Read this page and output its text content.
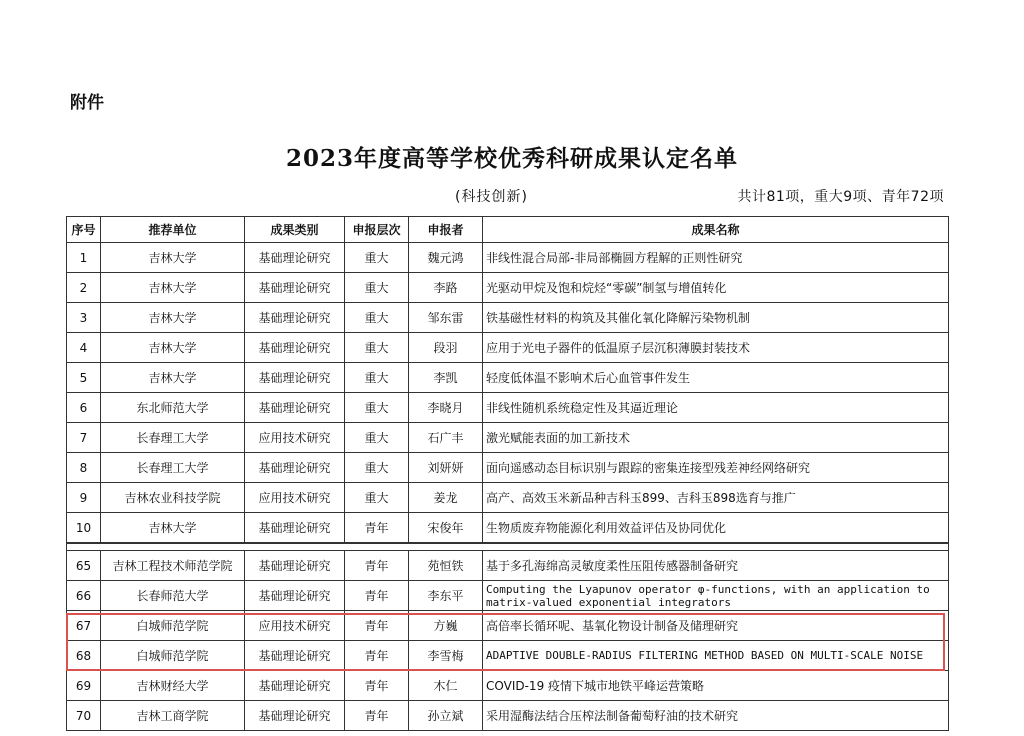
附件
2023年度高等学校优秀科研成果认定名单
(科技创新)	共计81项，重大9项、青年72项
序号	推荐单位	成果类别	申报层次	申报者	成果名称
1	吉林大学	基础理论研究	重大	魏元鸿	非线性混合局部-非局部椭圆方程解的正则性研究
2	吉林大学	基础理论研究	重大	李路	光驱动甲烷及饱和烷烃“零碳”制氢与增值转化
3	吉林大学	基础理论研究	重大	邹东雷	铁基磁性材料的构筑及其催化氧化降解污染物机制
4	吉林大学	基础理论研究	重大	段羽	应用于光电子器件的低温原子层沉积薄膜封装技术
5	吉林大学	基础理论研究	重大	李凯	轻度低体温不影响术后心血管事件发生
6	东北师范大学	基础理论研究	重大	李晓月	非线性随机系统稳定性及其逼近理论
7	长春理工大学	应用技术研究	重大	石广丰	激光赋能表面的加工新技术
8	长春理工大学	基础理论研究	重大	刘妍妍	面向遥感动态目标识别与跟踪的密集连接型残差神经网络研究
9	吉林农业科技学院	应用技术研究	重大	姜龙	高产、高效玉米新品种吉科玉899、吉科玉898选育与推广
10	吉林大学	基础理论研究	青年	宋俊年	生物质废弃物能源化利用效益评估及协同优化

65	吉林工程技术师范学院	基础理论研究	青年	苑恒铁	基于多孔海绵高灵敏度柔性压阻传感器制备研究
66	长春师范大学	基础理论研究	青年	李东平	Computing the Lyapunov operator φ-functions, with an application to matrix-valued exponential integrators
67	白城师范学院	应用技术研究	青年	方巍	高倍率长循环呢、基氧化物设计制备及储理研究
68	白城师范学院	基础理论研究	青年	李雪梅	ADAPTIVE DOUBLE-RADIUS FILTERING METHOD BASED ON MULTI-SCALE NOISE
69	吉林财经大学	基础理论研究	青年	木仁	COVID-19 疫情下城市地铁平峰运营策略
70	吉林工商学院	基础理论研究	青年	孙立斌	采用湿酶法结合压榨法制备葡萄籽油的技术研究
